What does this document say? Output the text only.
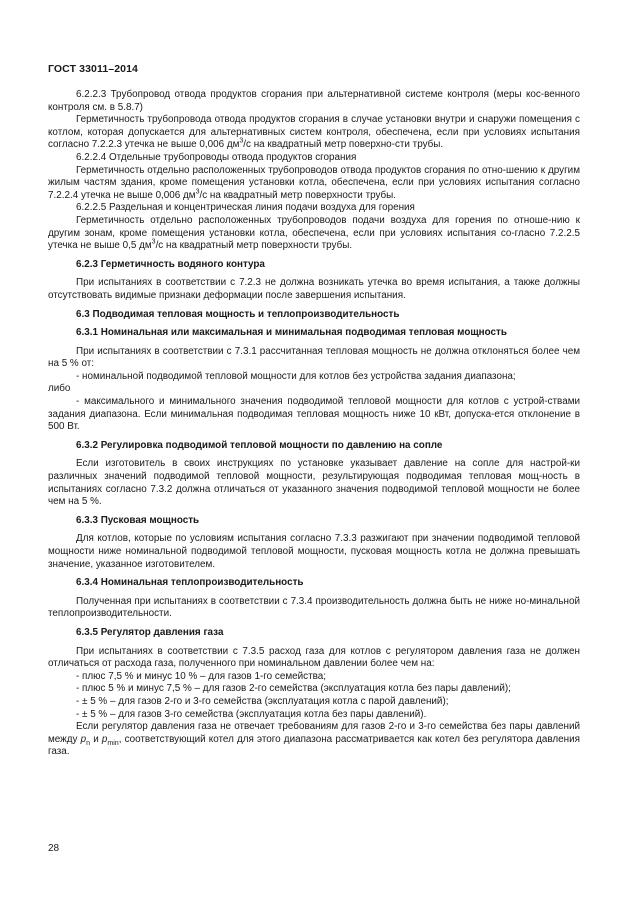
ГОСТ 33011–2014

6.2.2.3 Трубопровод отвода продуктов сгорания при альтернативной системе контроля (меры кос-венного контроля см. в 5.8.7)

Герметичность трубопровода отвода продуктов сгорания в случае установки внутри и снаружи помещения с котлом, которая допускается для альтернативных систем контроля, обеспечена, если при условиях испытания согласно 7.2.2.3 утечка не выше 0,006 $дм^3/с$ на квадратный метр поверхно-сти трубы.

6.2.2.4 Отдельные трубопроводы отвода продуктов сгорания

Герметичность отдельно расположенных трубопроводов отвода продуктов сгорания по отно-шению к другим жилым частям здания, кроме помещения установки котла, обеспечена, если при условиях испытания согласно 7.2.2.4 утечка не выше 0,006 $дм^3/с$ на квадратный метр поверхности трубы.

6.2.2.5 Раздельная и концентрическая линия подачи воздуха для горения

Герметичность отдельно расположенных трубопроводов подачи воздуха для горения по отноше-нию к другим зонам, кроме помещения установки котла, обеспечена, если при условиях испытания со-гласно 7.2.2.5 утечка не выше 0,5 $дм^3/с$ на квадратный метр поверхности трубы.

6.2.3 Герметичность водяного контура

При испытаниях в соответствии с 7.2.3 не должна возникать утечка во время испытания, а также должны отсутствовать видимые признаки деформации после завершения испытания.

6.3 Подводимая тепловая мощность и теплопроизводительность

6.3.1 Номинальная или максимальная и минимальная подводимая тепловая мощность

При испытаниях в соответствии с 7.3.1 рассчитанная тепловая мощность не должна отклоняться более чем на 5 % от:

- номинальной подводимой тепловой мощности для котлов без устройства задания диапазона;

либо

- максимального и минимального значения подводимой тепловой мощности для котлов с устрой-ствами задания диапазона. Если минимальная подводимая тепловая мощность ниже 10 кВт, допуска-ется отклонение в 500 Вт.

6.3.2 Регулировка подводимой тепловой мощности по давлению на сопле

Если изготовитель в своих инструкциях по установке указывает давление на сопле для настрой-ки различных значений подводимой тепловой мощности, результирующая подводимая тепловая мощ-ность в испытаниях согласно 7.3.2 должна отличаться от указанного значения подводимой тепловой мощности не более чем на 5 %.

6.3.3 Пусковая мощность

Для котлов, которые по условиям испытания согласно 7.3.3 разжигают при значении подводимой тепловой мощности ниже номинальной подводимой тепловой мощности, пусковая мощность котла не должна превышать значение, указанное изготовителем.

6.3.4 Номинальная теплопроизводительность

Полученная при испытаниях в соответствии с 7.3.4 производительность должна быть не ниже но-минальной теплопроизводительности.

6.3.5 Регулятор давления газа

При испытаниях в соответствии с 7.3.5 расход газа для котлов с регулятором давления газа не должен отличаться от расхода газа, полученного при номинальном давлении более чем на:

- плюс 7,5 % и минус 10 % – для газов 1-го семейства;

- плюс 5 % и минус 7,5 % – для газов 2-го семейства (эксплуатация котла без пары давлений);

- ± 5 % – для газов 2-го и 3-го семейства (эксплуатация котла с парой давлений);

- ± 5 % – для газов 3-го семейства (эксплуатация котла без пары давлений).

Если регулятор давления газа не отвечает требованиям для газов 2-го и 3-го семейства без пары давлений между $p_n$ и $p_{min}$, соответствующий котел для этого диапазона рассматривается как котел без регулятора давления газа.

28
